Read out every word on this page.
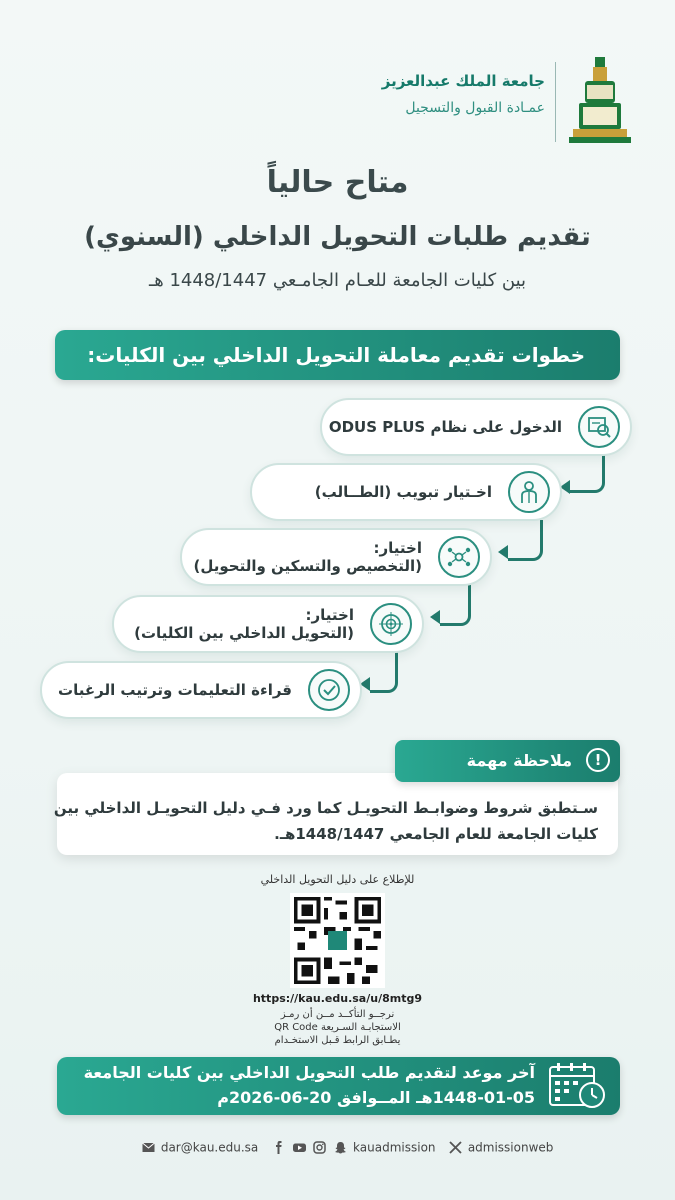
جامعة الملك عبدالعزيز
عمـادة القبول والتسجيل
متاح حالياً
تقديم طلبات التحويل الداخلي (السنوي)
بين كليات الجامعة للعـام الجامـعي 1448/1447 هـ
خطوات تقديم معاملة التحويل الداخلي بين الكليات:
الدخول على نظام ODUS PLUS
اخـتيار تبويب (الطــالب)
اختيار:
(التخصيص والتسكين والتحويل)
اختيار:
(التحويل الداخلي بين الكليات)
قراءة التعليمات وترتيب الرغبات
سـتطبق شروط وضوابـط التحويـل كما ورد فـي دليل التحويـل الداخلي بين
كليات الجامعة للعام الجامعي 1448/1447هـ.
!
ملاحظة مهمة
للإطلاع على دليل التحويل الداخلي
https://kau.edu.sa/u/8mtg9
نرجــو التأكــد مــن أن رمـز
الاستجابـة السـريعة QR Code
يطـابق الرابط قـبل الاستخـدام
آخر موعد لتقديم طلب التحويل الداخلي بين كليات الجامعة
1448-01-05هـ المــوافق 20-06-2026م
dar@kau.edu.sa	kauadmission	admissionweb
